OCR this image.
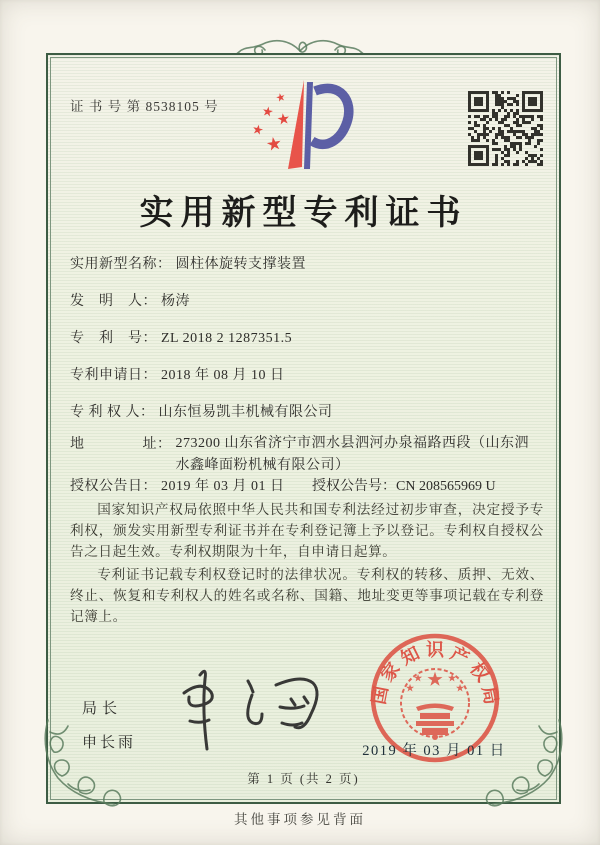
证 书 号 第 8538105 号
★
★ ★
★
★
实用新型专利证书
实用新型名称： 圆柱体旋转支撑装置
发　明　人： 杨涛
专　利　号： ZL 2018 2 1287351.5
专利申请日： 2018 年 08 月 10 日
专 利 权 人： 山东恒易凯丰机械有限公司
地　　　　址： 273200 山东省济宁市泗水县泗河办泉福路西段（山东泗水鑫峰面粉机械有限公司）
授权公告日： 2019 年 03 月 01 日 授权公告号：CN 208565969 U

国家知识产权局依照中华人民共和国专利法经过初步审查，决定授予专利权，颁发实用新型专利证书并在专利登记簿上予以登记。专利权自授权公告之日起生效。专利权期限为十年，自申请日起算。

专利证书记载专利权登记时的法律状况。专利权的转移、质押、无效、终止、恢复和专利权人的姓名或名称、国籍、地址变更等事项记载在专利登记簿上。

局长
申长雨
国
家
知 识 产
权
局
★
★
★
★
★
2019 年 03 月 01 日
第 1 页 (共 2 页)
其他事项参见背面
